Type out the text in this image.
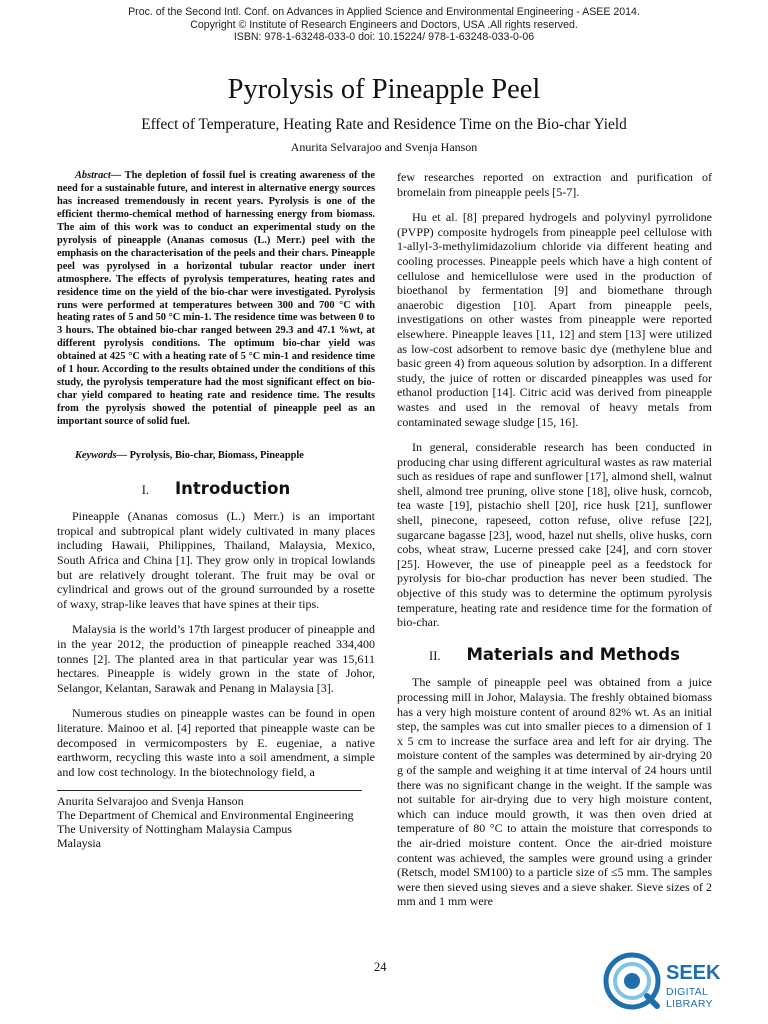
Proc. of the Second Intl. Conf. on Advances in Applied Science and Environmental Engineering - ASEE 2014.
Copyright © Institute of Research Engineers and Doctors, USA .All rights reserved.
ISBN: 978-1-63248-033-0 doi: 10.15224/ 978-1-63248-033-0-06
Pyrolysis of Pineapple Peel
Effect of Temperature, Heating Rate and Residence Time on the Bio-char Yield
Anurita Selvarajoo and Svenja Hanson

Abstract— The depletion of fossil fuel is creating awareness of the need for a sustainable future, and interest in alternative energy sources has increased tremendously in recent years. Pyrolysis is one of the efficient thermo-chemical method of harnessing energy from biomass. The aim of this work was to conduct an experimental study on the pyrolysis of pineapple (Ananas comosus (L.) Merr.) peel with the emphasis on the characterisation of the peels and their chars. Pineapple peel was pyrolysed in a horizontal tubular reactor under inert atmosphere. The effects of pyrolysis temperatures, heating rates and residence time on the yield of the bio-char were investigated. Pyrolysis runs were performed at temperatures between 300 and 700 °C with heating rates of 5 and 50 °C min-1. The residence time was between 0 to 3 hours. The obtained bio-char ranged between 29.3 and 47.1 %wt, at different pyrolysis conditions. The optimum bio-char yield was obtained at 425 °C with a heating rate of 5 °C min-1 and residence time of 1 hour. According to the results obtained under the conditions of this study, the pyrolysis temperature had the most significant effect on bio-char yield compared to heating rate and residence time. The results from the pyrolysis showed the potential of pineapple peel as an important source of solid fuel.

Keywords— Pyrolysis, Bio-char, Biomass, Pineapple

I. Introduction

Pineapple (Ananas comosus (L.) Merr.) is an important tropical and subtropical plant widely cultivated in many places including Hawaii, Philippines, Thailand, Malaysia, Mexico, South Africa and China [1]. They grow only in tropical lowlands but are relatively drought tolerant. The fruit may be oval or cylindrical and grows out of the ground surrounded by a rosette of waxy, strap-like leaves that have spines at their tips.

Malaysia is the world’s 17th largest producer of pineapple and in the year 2012, the production of pineapple reached 334,400 tonnes [2]. The planted area in that particular year was 15,611 hectares. Pineapple is widely grown in the state of Johor, Selangor, Kelantan, Sarawak and Penang in Malaysia [3].

Numerous studies on pineapple wastes can be found in open literature. Mainoo et al. [4] reported that pineapple waste can be decomposed in vermicomposters by E. eugeniae, a native earthworm, recycling this waste into a soil amendment, a simple and low cost technology. In the biotechnology field, a

Anurita Selvarajoo and Svenja Hanson

The Department of Chemical and Environmental Engineering

The University of Nottingham Malaysia Campus

Malaysia

few researches reported on extraction and purification of bromelain from pineapple peels [5-7].

Hu et al. [8] prepared hydrogels and polyvinyl pyrrolidone (PVPP) composite hydrogels from pineapple peel cellulose with 1-allyl-3-methylimidazolium chloride via different heating and cooling processes. Pineapple peels which have a high content of cellulose and hemicellulose were used in the production of bioethanol by fermentation [9] and biomethane through anaerobic digestion [10]. Apart from pineapple peels, investigations on other wastes from pineapple were reported elsewhere. Pineapple leaves [11, 12] and stem [13] were utilized as low-cost adsorbent to remove basic dye (methylene blue and basic green 4) from aqueous solution by adsorption. In a different study, the juice of rotten or discarded pineapples was used for ethanol production [14]. Citric acid was derived from pineapple wastes and used in the removal of heavy metals from contaminated sewage sludge [15, 16].

In general, considerable research has been conducted in producing char using different agricultural wastes as raw material such as residues of rape and sunflower [17], almond shell, walnut shell, almond tree pruning, olive stone [18], olive husk, corncob, tea waste [19], pistachio shell [20], rice husk [21], sunflower shell, pinecone, rapeseed, cotton refuse, olive refuse [22], sugarcane bagasse [23], wood, hazel nut shells, olive husks, corn cobs, wheat straw, Lucerne pressed cake [24], and corn stover [25]. However, the use of pineapple peel as a feedstock for pyrolysis for bio-char production has never been studied. The objective of this study was to determine the optimum pyrolysis temperature, heating rate and residence time for the formation of bio-char.

II. Materials and Methods

The sample of pineapple peel was obtained from a juice processing mill in Johor, Malaysia. The freshly obtained biomass has a very high moisture content of around 82% wt. As an initial step, the samples was cut into smaller pieces to a dimension of 1 x 5 cm to increase the surface area and left for air drying. The moisture content of the samples was determined by air-drying 20 g of the sample and weighing it at time interval of 24 hours until there was no significant change in the weight. If the sample was not suitable for air-drying due to very high moisture content, which can induce mould growth, it was then oven dried at temperature of 80 °C to attain the moisture that corresponds to the air-dried moisture content. Once the air-dried moisture content was achieved, the samples were ground using a grinder (Retsch, model SM100) to a particle size of ≤5 mm. The samples were then sieved using sieves and a sieve shaker. Sieve sizes of 2 mm and 1 mm were

24	SEEK
DIGITAL LIBRARY
